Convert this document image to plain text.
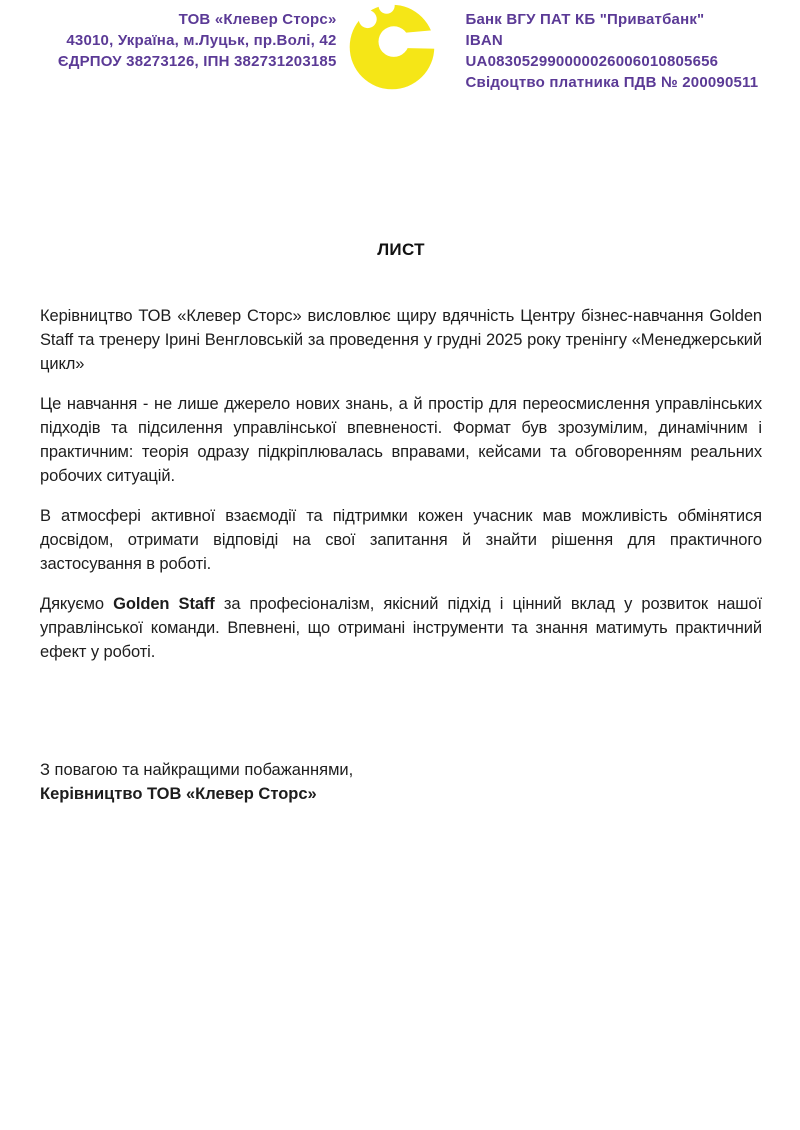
ТОВ «Клевер Сторс»
43010, Україна, м.Луцьк, пр.Волі, 42
ЄДРПОУ 38273126, ІПН 382731203185
Банк ВГУ ПАТ КБ "Приватбанк"
IBAN  UA083052990000026006010805656
Свідоцтво платника ПДВ № 200090511
ЛИСТ

Керівництво ТОВ «Клевер Сторс» висловлює щиру вдячність Центру бізнес-навчання Golden Staff та тренеру Ірині Венгловській за проведення у грудні 2025 року тренінгу «Менеджерський цикл»

Це навчання - не лише джерело нових знань, а й простір для переосмислення управлінських підходів та підсилення управлінської впевненості. Формат був зрозумілим, динамічним і практичним: теорія одразу підкріплювалась вправами, кейсами та обговоренням реальних робочих ситуацій.

В атмосфері активної взаємодії та підтримки кожен учасник мав можливість обмінятися досвідом, отримати відповіді на свої запитання й знайти рішення для практичного застосування в роботі.

Дякуємо Golden Staff за професіоналізм, якісний підхід і цінний вклад у розвиток нашої управлінської команди. Впевнені, що отримані інструменти та знання матимуть практичний ефект у роботі.

З повагою та найкращими побажаннями,

Керівництво ТОВ «Клевер Сторс»
